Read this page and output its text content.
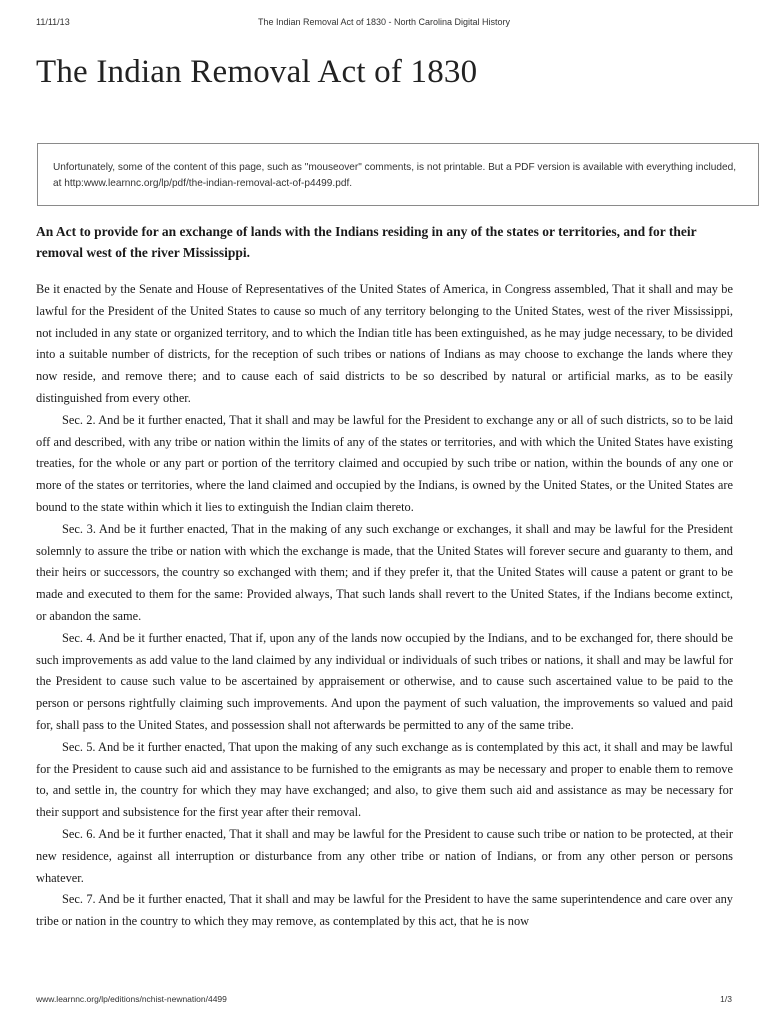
11/11/13	The Indian Removal Act of 1830 - North Carolina Digital History
The Indian Removal Act of 1830
Unfortunately, some of the content of this page, such as "mouseover" comments, is not printable. But a PDF version is available with everything included, at http:www.learnnc.org/lp/pdf/the-indian-removal-act-of-p4499.pdf.

An Act to provide for an exchange of lands with the Indians residing in any of the states or territories, and for their removal west of the river Mississippi.

Be it enacted by the Senate and House of Representatives of the United States of America, in Congress assembled, That it shall and may be lawful for the President of the United States to cause so much of any territory belonging to the United States, west of the river Mississippi, not included in any state or organized territory, and to which the Indian title has been extinguished, as he may judge necessary, to be divided into a suitable number of districts, for the reception of such tribes or nations of Indians as may choose to exchange the lands where they now reside, and remove there; and to cause each of said districts to be so described by natural or artificial marks, as to be easily distinguished from every other.

Sec. 2. And be it further enacted, That it shall and may be lawful for the President to exchange any or all of such districts, so to be laid off and described, with any tribe or nation within the limits of any of the states or territories, and with which the United States have existing treaties, for the whole or any part or portion of the territory claimed and occupied by such tribe or nation, within the bounds of any one or more of the states or territories, where the land claimed and occupied by the Indians, is owned by the United States, or the United States are bound to the state within which it lies to extinguish the Indian claim thereto.

Sec. 3. And be it further enacted, That in the making of any such exchange or exchanges, it shall and may be lawful for the President solemnly to assure the tribe or nation with which the exchange is made, that the United States will forever secure and guaranty to them, and their heirs or successors, the country so exchanged with them; and if they prefer it, that the United States will cause a patent or grant to be made and executed to them for the same: Provided always, That such lands shall revert to the United States, if the Indians become extinct, or abandon the same.

Sec. 4. And be it further enacted, That if, upon any of the lands now occupied by the Indians, and to be exchanged for, there should be such improvements as add value to the land claimed by any individual or individuals of such tribes or nations, it shall and may be lawful for the President to cause such value to be ascertained by appraisement or otherwise, and to cause such ascertained value to be paid to the person or persons rightfully claiming such improvements. And upon the payment of such valuation, the improvements so valued and paid for, shall pass to the United States, and possession shall not afterwards be permitted to any of the same tribe.

Sec. 5. And be it further enacted, That upon the making of any such exchange as is contemplated by this act, it shall and may be lawful for the President to cause such aid and assistance to be furnished to the emigrants as may be necessary and proper to enable them to remove to, and settle in, the country for which they may have exchanged; and also, to give them such aid and assistance as may be necessary for their support and subsistence for the first year after their removal.

Sec. 6. And be it further enacted, That it shall and may be lawful for the President to cause such tribe or nation to be protected, at their new residence, against all interruption or disturbance from any other tribe or nation of Indians, or from any other person or persons whatever.

Sec. 7. And be it further enacted, That it shall and may be lawful for the President to have the same superintendence and care over any tribe or nation in the country to which they may remove, as contemplated by this act, that he is now

www.learnnc.org/lp/editions/nchist-newnation/4499	1/3
